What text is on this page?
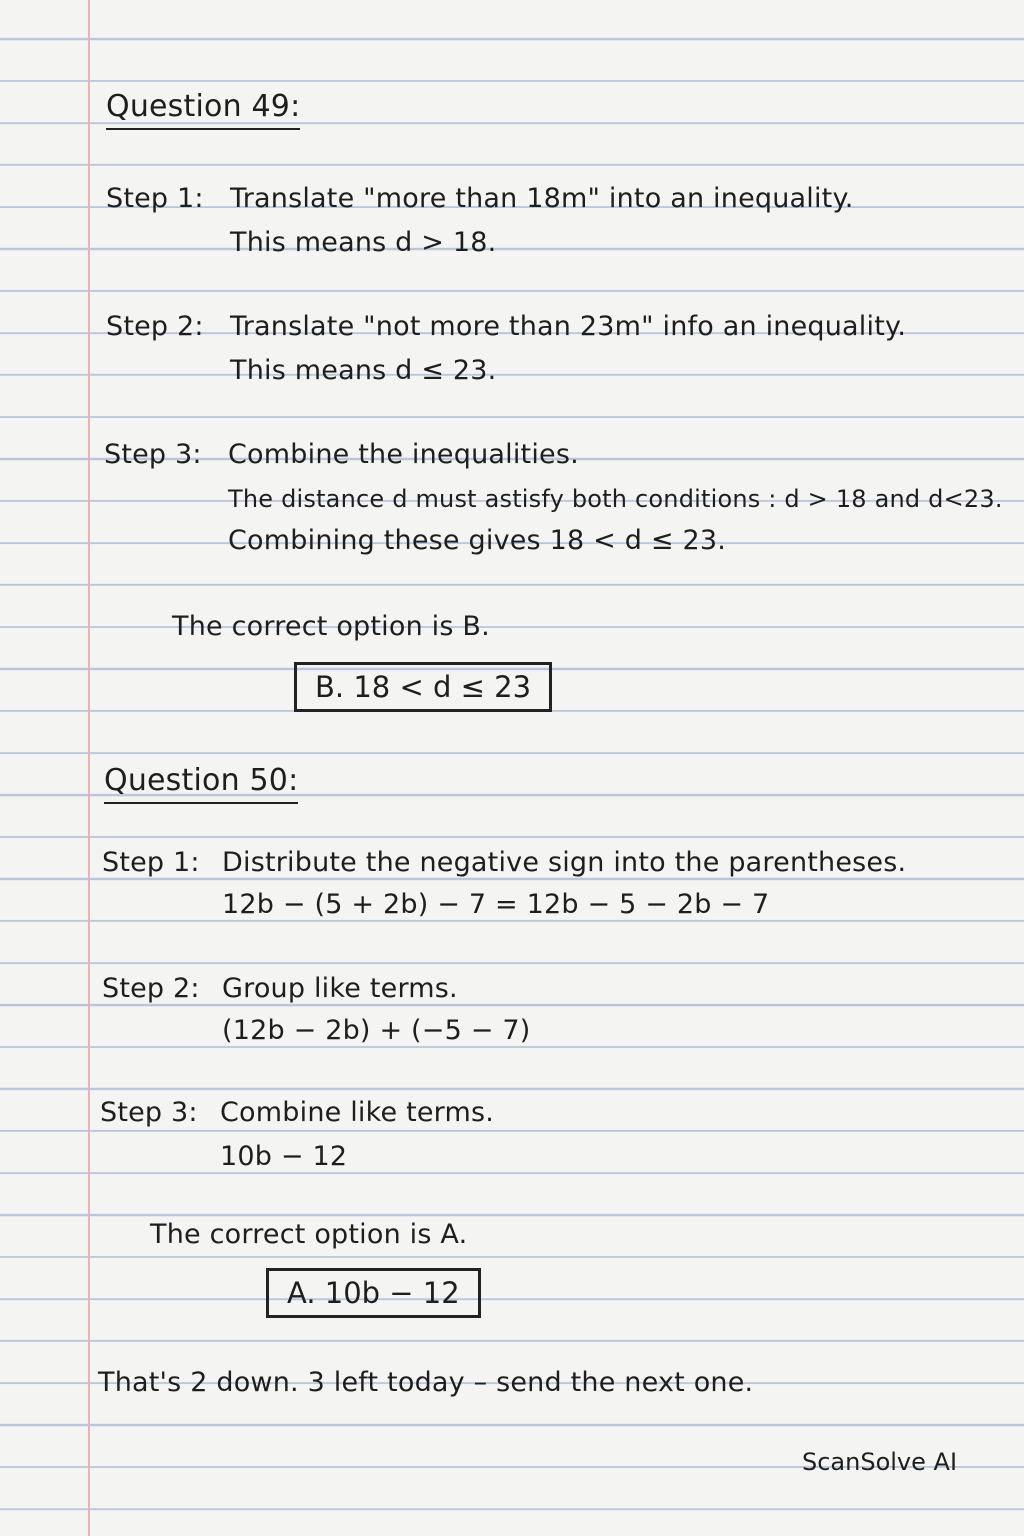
Question 49:
Step 1: Translate "more than 18m" into an inequality.
This means d > 18.
Step 2: Translate "not more than 23m" info an inequality.
This means d ≤ 23.
Step 3: Combine the inequalities.
The distance d must astisfy both conditions : d > 18 and d<23.
Combining these gives 18 < d ≤ 23.
The correct option is B.
B. 18 < d ≤ 23
Question 50:
Step 1: Distribute the negative sign into the parentheses.
12b − (5 + 2b) − 7 = 12b − 5 − 2b − 7
Step 2: Group like terms.
(12b − 2b) + (−5 − 7)
Step 3: Combine like terms.
10b − 12
The correct option is A.
A. 10b − 12
That's 2 down. 3 left today – send the next one.
ScanSolve AI
